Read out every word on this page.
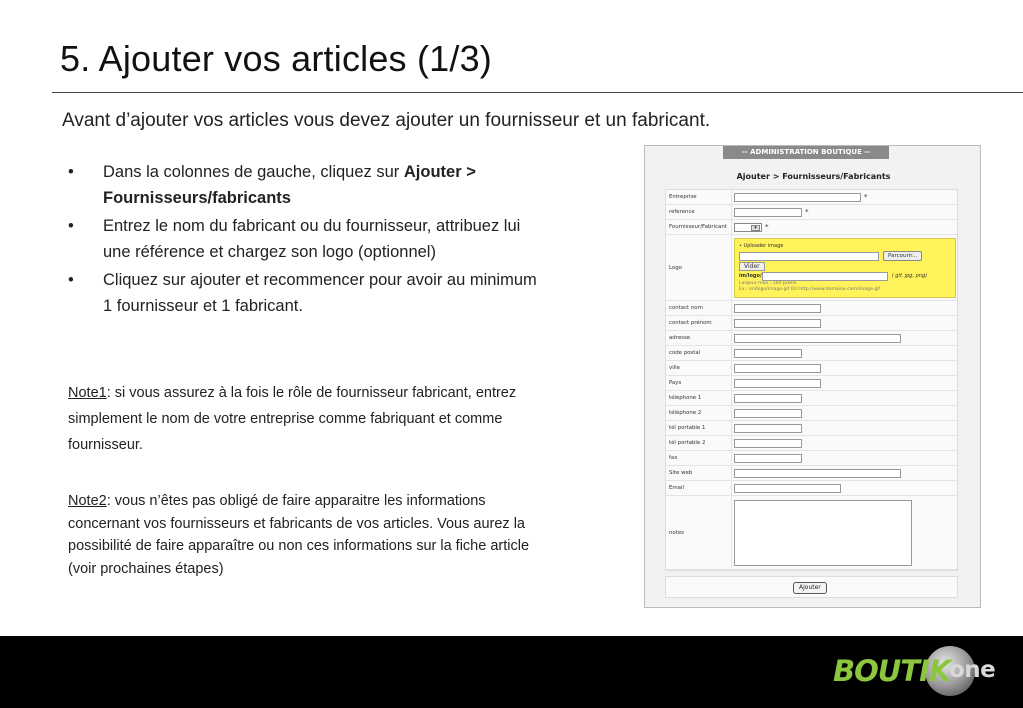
5. Ajouter vos articles (1/3)
Avant d’ajouter vos articles vous devez ajouter un fournisseur et un fabricant.
• Dans la colonnes de gauche, cliquez sur Ajouter > Fournisseurs/fabricants
• Entrez le nom du fabricant ou du fournisseur, attribuez lui une référence et chargez son logo (optionnel)
• Cliquez sur ajouter et recommencer pour avoir au minimum 1 fournisseur et 1 fabricant.

Note1: si vous assurez à la fois le rôle de fournisseur fabricant, entrez simplement le nom de votre entreprise comme fabriquant et comme fournisseur.

Note2: vous n’êtes pas obligé de faire apparaitre les informations concernant vos fournisseurs et fabricants de vos articles. Vous aurez la possibilité de faire apparaître ou non ces informations sur la fiche article (voir prochaines étapes)

-- ADMINISTRATION BOUTIQUE --
Ajouter > Fournisseurs/Fabricants
Entreprise	*
reference	*
Fournisseur/Fabricant	▾	*
Logo
• Uploader image
Parcourir...
Vider
im/logo/	( gif, jpg, png)
Largeur max.: 100 pixels.
Ex.: im/logo/image.gif OU http://www.domaine.com/image.gif
contact nom
contact prénom
adresse
code postal
ville
Pays
téléphone 1
téléphone 2
tél portable 1
tél portable 2
fax
Site web
Email
notes
Ajouter
BOUTIK
one
